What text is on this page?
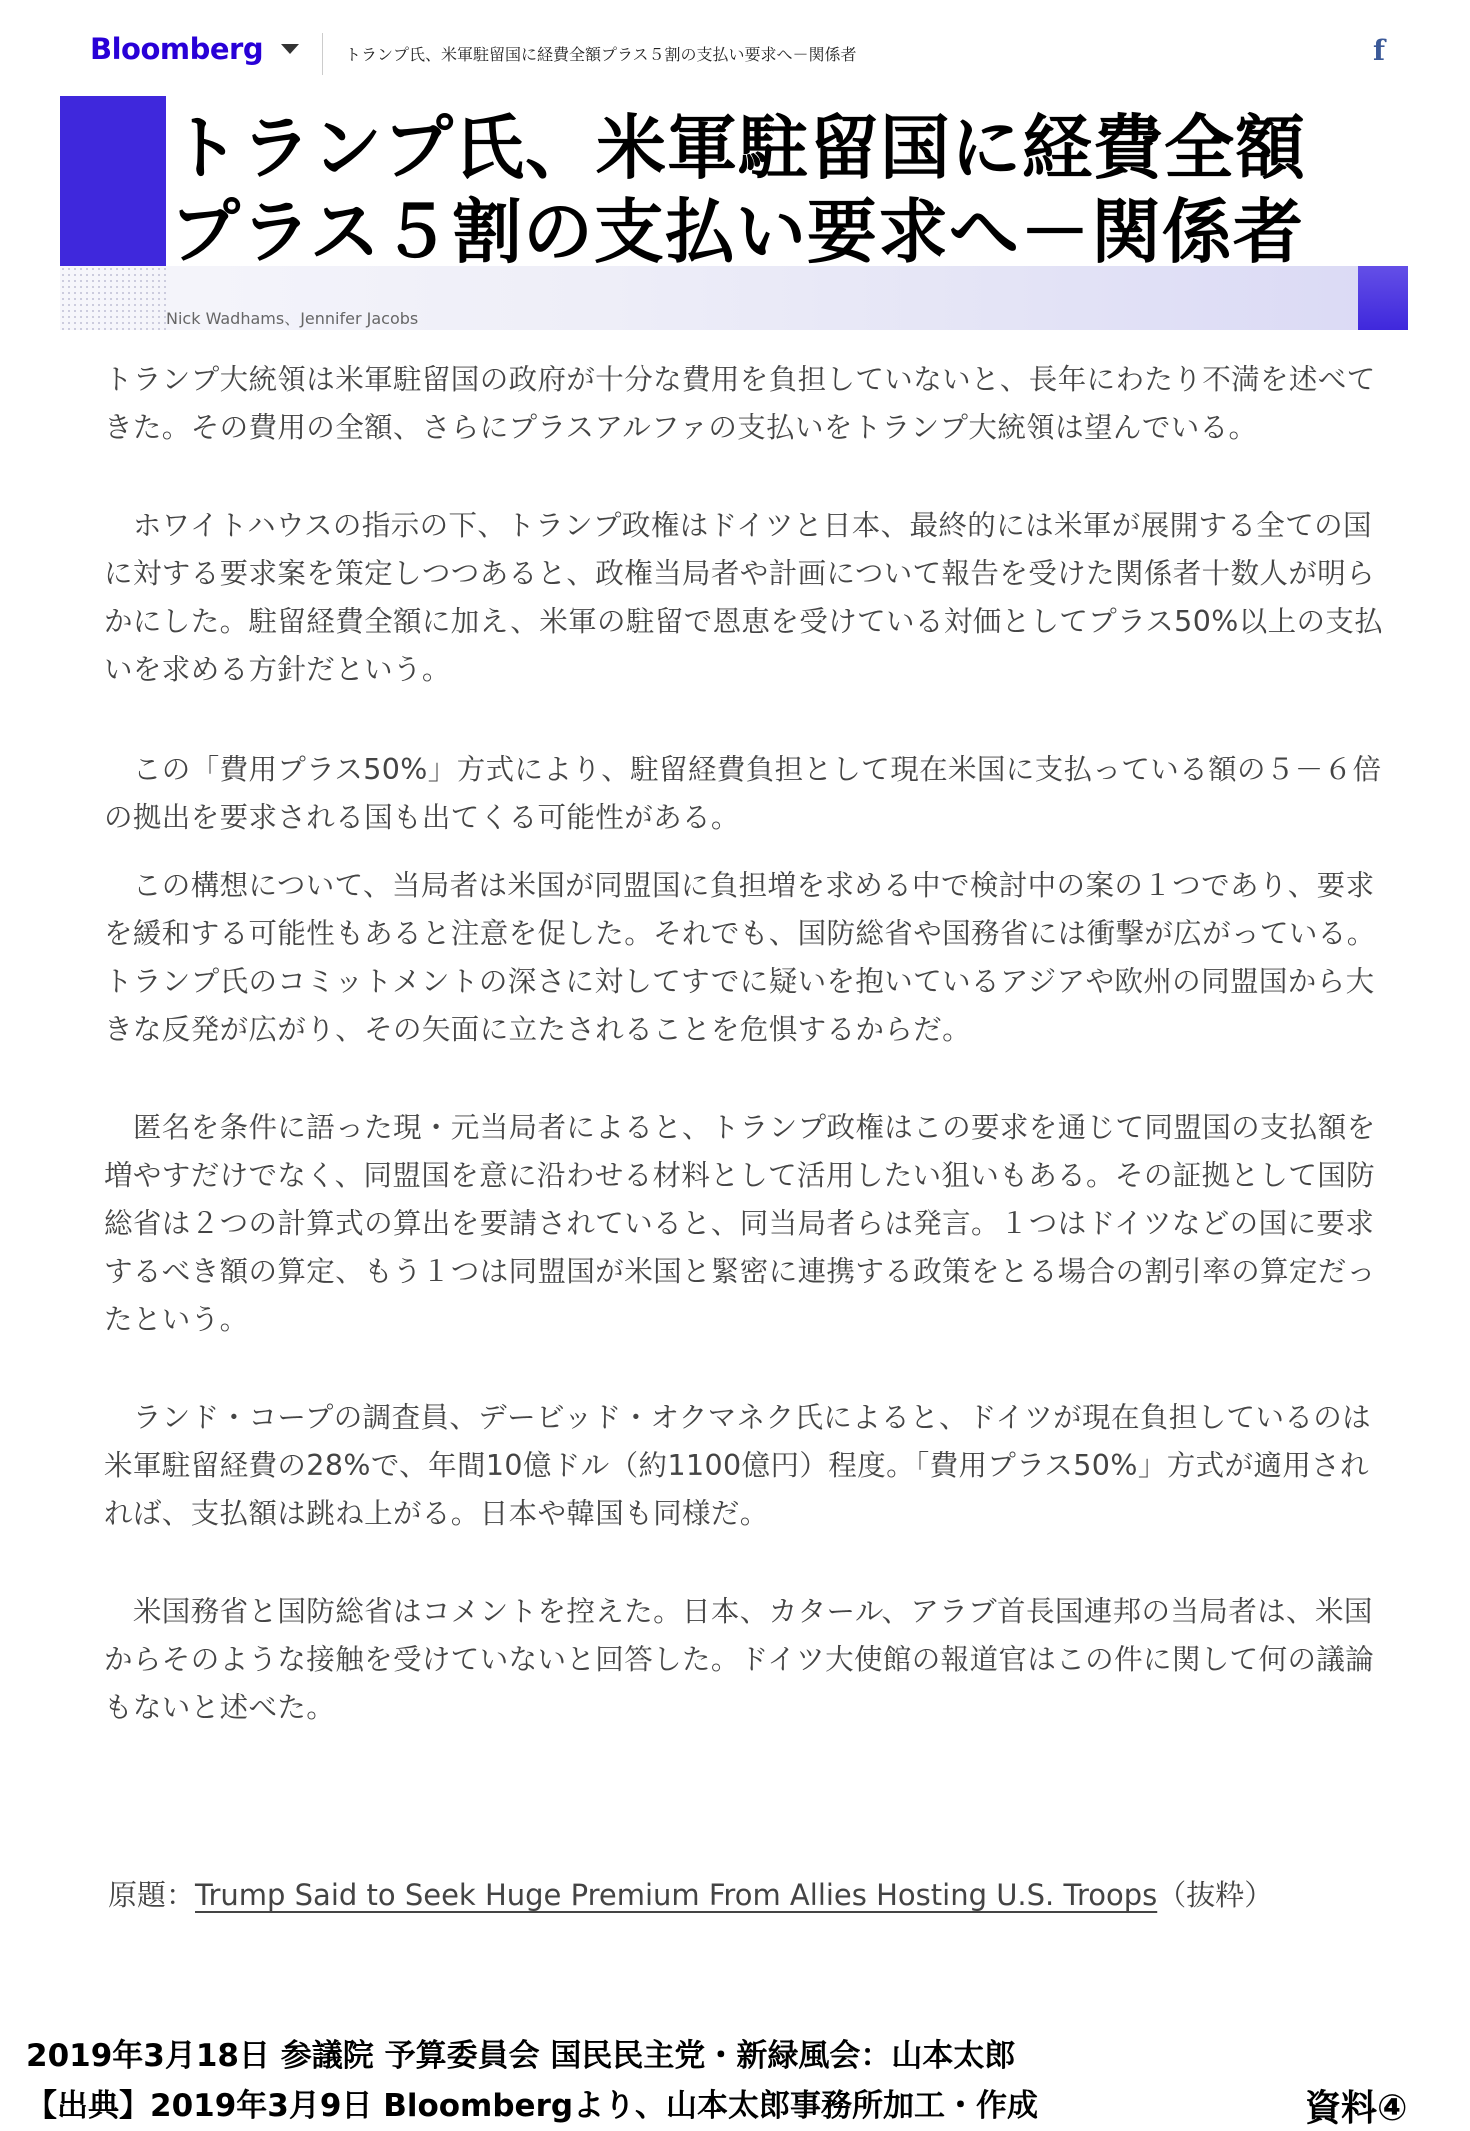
Bloomberg	トランプ氏、米軍駐留国に経費全額プラス５割の支払い要求へ－関係者	f
トランプ氏、米軍駐留国に経費全額
プラス５割の支払い要求へ－関係者
Nick Wadhams、Jennifer Jacobs

トランプ大統領は米軍駐留国の政府が十分な費用を負担していないと、長年にわたり不満を述べてきた。その費用の全額、さらにプラスアルファの支払いをトランプ大統領は望んでいる。

　ホワイトハウスの指示の下、トランプ政権はドイツと日本、最終的には米軍が展開する全ての国に対する要求案を策定しつつあると、政権当局者や計画について報告を受けた関係者十数人が明らかにした。駐留経費全額に加え、米軍の駐留で恩恵を受けている対価としてプラス50%以上の支払いを求める方針だという。

　この「費用プラス50%」方式により、駐留経費負担として現在米国に支払っている額の５－６倍の拠出を要求される国も出てくる可能性がある。

　この構想について、当局者は米国が同盟国に負担増を求める中で検討中の案の１つであり、要求を緩和する可能性もあると注意を促した。それでも、国防総省や国務省には衝撃が広がっている。トランプ氏のコミットメントの深さに対してすでに疑いを抱いているアジアや欧州の同盟国から大きな反発が広がり、その矢面に立たされることを危惧するからだ。

　匿名を条件に語った現・元当局者によると、トランプ政権はこの要求を通じて同盟国の支払額を増やすだけでなく、同盟国を意に沿わせる材料として活用したい狙いもある。その証拠として国防総省は２つの計算式の算出を要請されていると、同当局者らは発言。１つはドイツなどの国に要求するべき額の算定、もう１つは同盟国が米国と緊密に連携する政策をとる場合の割引率の算定だったという。

　ランド・コープの調査員、デービッド・オクマネク氏によると、ドイツが現在負担しているのは米軍駐留経費の28%で、年間10億ドル（約1100億円）程度。「費用プラス50%」方式が適用されれば、支払額は跳ね上がる。日本や韓国も同様だ。

　米国務省と国防総省はコメントを控えた。日本、カタール、アラブ首長国連邦の当局者は、米国からそのような接触を受けていないと回答した。ドイツ大使館の報道官はこの件に関して何の議論もないと述べた。

原題：Trump Said to Seek Huge Premium From Allies Hosting U.S. Troops（抜粋）
2019年3月18日 参議院 予算委員会 国民民主党・新緑風会：山本太郎
【出典】2019年3月9日 Bloombergより、山本太郎事務所加工・作成	資料④
